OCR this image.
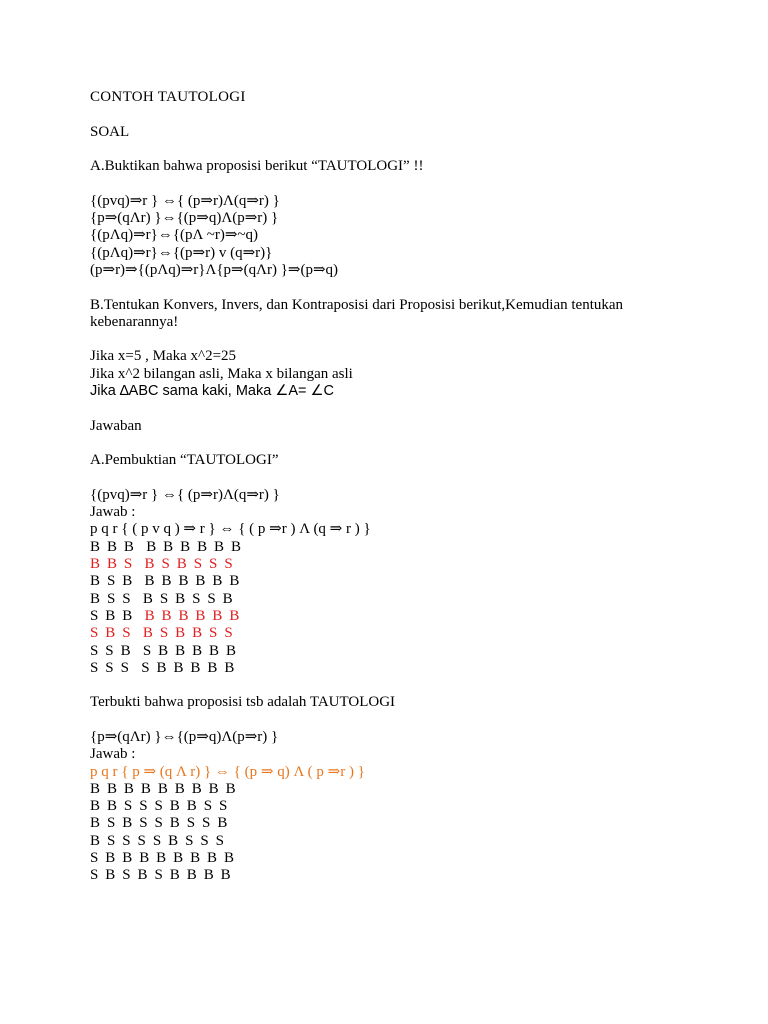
CONTOH TAUTOLOGI
SOAL
A.Buktikan bahwa proposisi berikut “TAUTOLOGI” !!
{(pvq)⇒r } ⇔{ (p⇒r)Λ(q⇒r) }
{p⇒(qΛr) }⇔{(p⇒q)Λ(p⇒r) }
{(pΛq)⇒r}⇔{(pΛ ~r)⇒~q)
{(pΛq)⇒r}⇔{(p⇒r) v (q⇒r)}
(p⇒r)⇒{(pΛq)⇒r}Λ{p⇒(qΛr) }⇒(p⇒q)
B.Tentukan Konvers, Invers, dan Kontraposisi dari Proposisi berikut,Kemudian tentukan kebenarannya!
Jika x=5 , Maka x^2=25
Jika x^2 bilangan asli, Maka x bilangan asli
Jika ∆ABC sama kaki, Maka ∠A= ∠C
Jawaban
A.Pembuktian “TAUTOLOGI”
{(pvq)⇒r } ⇔{ (p⇒r)Λ(q⇒r) }
Jawab :
p q r { ( p v q ) ⇒ r } ⇔ { ( p ⇒r ) Λ (q ⇒ r ) }
B B B  B B B B B B
B B S  B S B S S S
B S B  B B B B B B
B S S  B S B S S B
S B B  B B B B B B
S B S  B S B B S S
S S B  S B B B B B
S S S  S B B B B B
Terbukti bahwa proposisi tsb adalah TAUTOLOGI
{p⇒(qΛr) }⇔{(p⇒q)Λ(p⇒r) }
Jawab :
p q r { p ⇒ (q Λ r) } ⇔ { (p ⇒ q) Λ ( p ⇒r ) }
B B B B B B B B B
B B S S S B B S S
B S B S S B S S B
B S S S S B S S S
S B B B B B B B B
S B S B S B B B B
